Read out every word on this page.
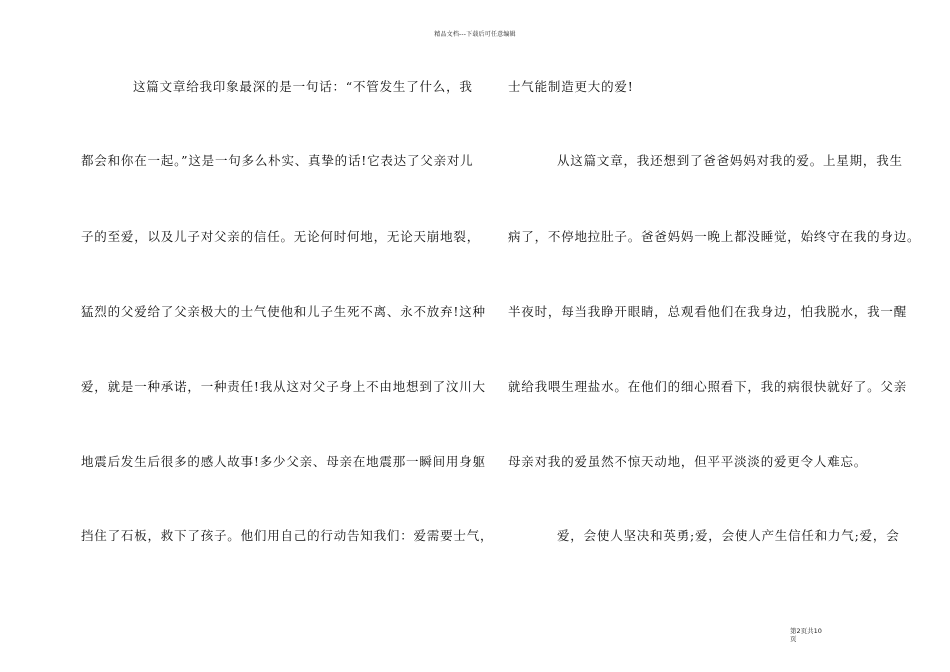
精品文档---下载后可任意编辑
这篇文章给我印象最深的是一句话：“不管发生了什么，我
都会和你在一起。”这是一句多么朴实、真挚的话!它表达了父亲对儿
子的至爱，以及儿子对父亲的信任。无论何时何地，无论天崩地裂，
猛烈的父爱给了父亲极大的士气使他和儿子生死不离、永不放弃!这种
爱，就是一种承诺，一种责任!我从这对父子身上不由地想到了汶川大
地震后发生后很多的感人故事!多少父亲、母亲在地震那一瞬间用身躯
挡住了石板，救下了孩子。他们用自己的行动告知我们：爱需要士气，
士气能制造更大的爱!
从这篇文章，我还想到了爸爸妈妈对我的爱。上星期，我生
病了，不停地拉肚子。爸爸妈妈一晚上都没睡觉，始终守在我的身边。
半夜时，每当我睁开眼睛，总观看他们在我身边，怕我脱水，我一醒
就给我喂生理盐水。在他们的细心照看下，我的病很快就好了。父亲
母亲对我的爱虽然不惊天动地，但平平淡淡的爱更令人难忘。
爱，会使人坚决和英勇;爱，会使人产生信任和力气;爱，会
第2页共10
页
